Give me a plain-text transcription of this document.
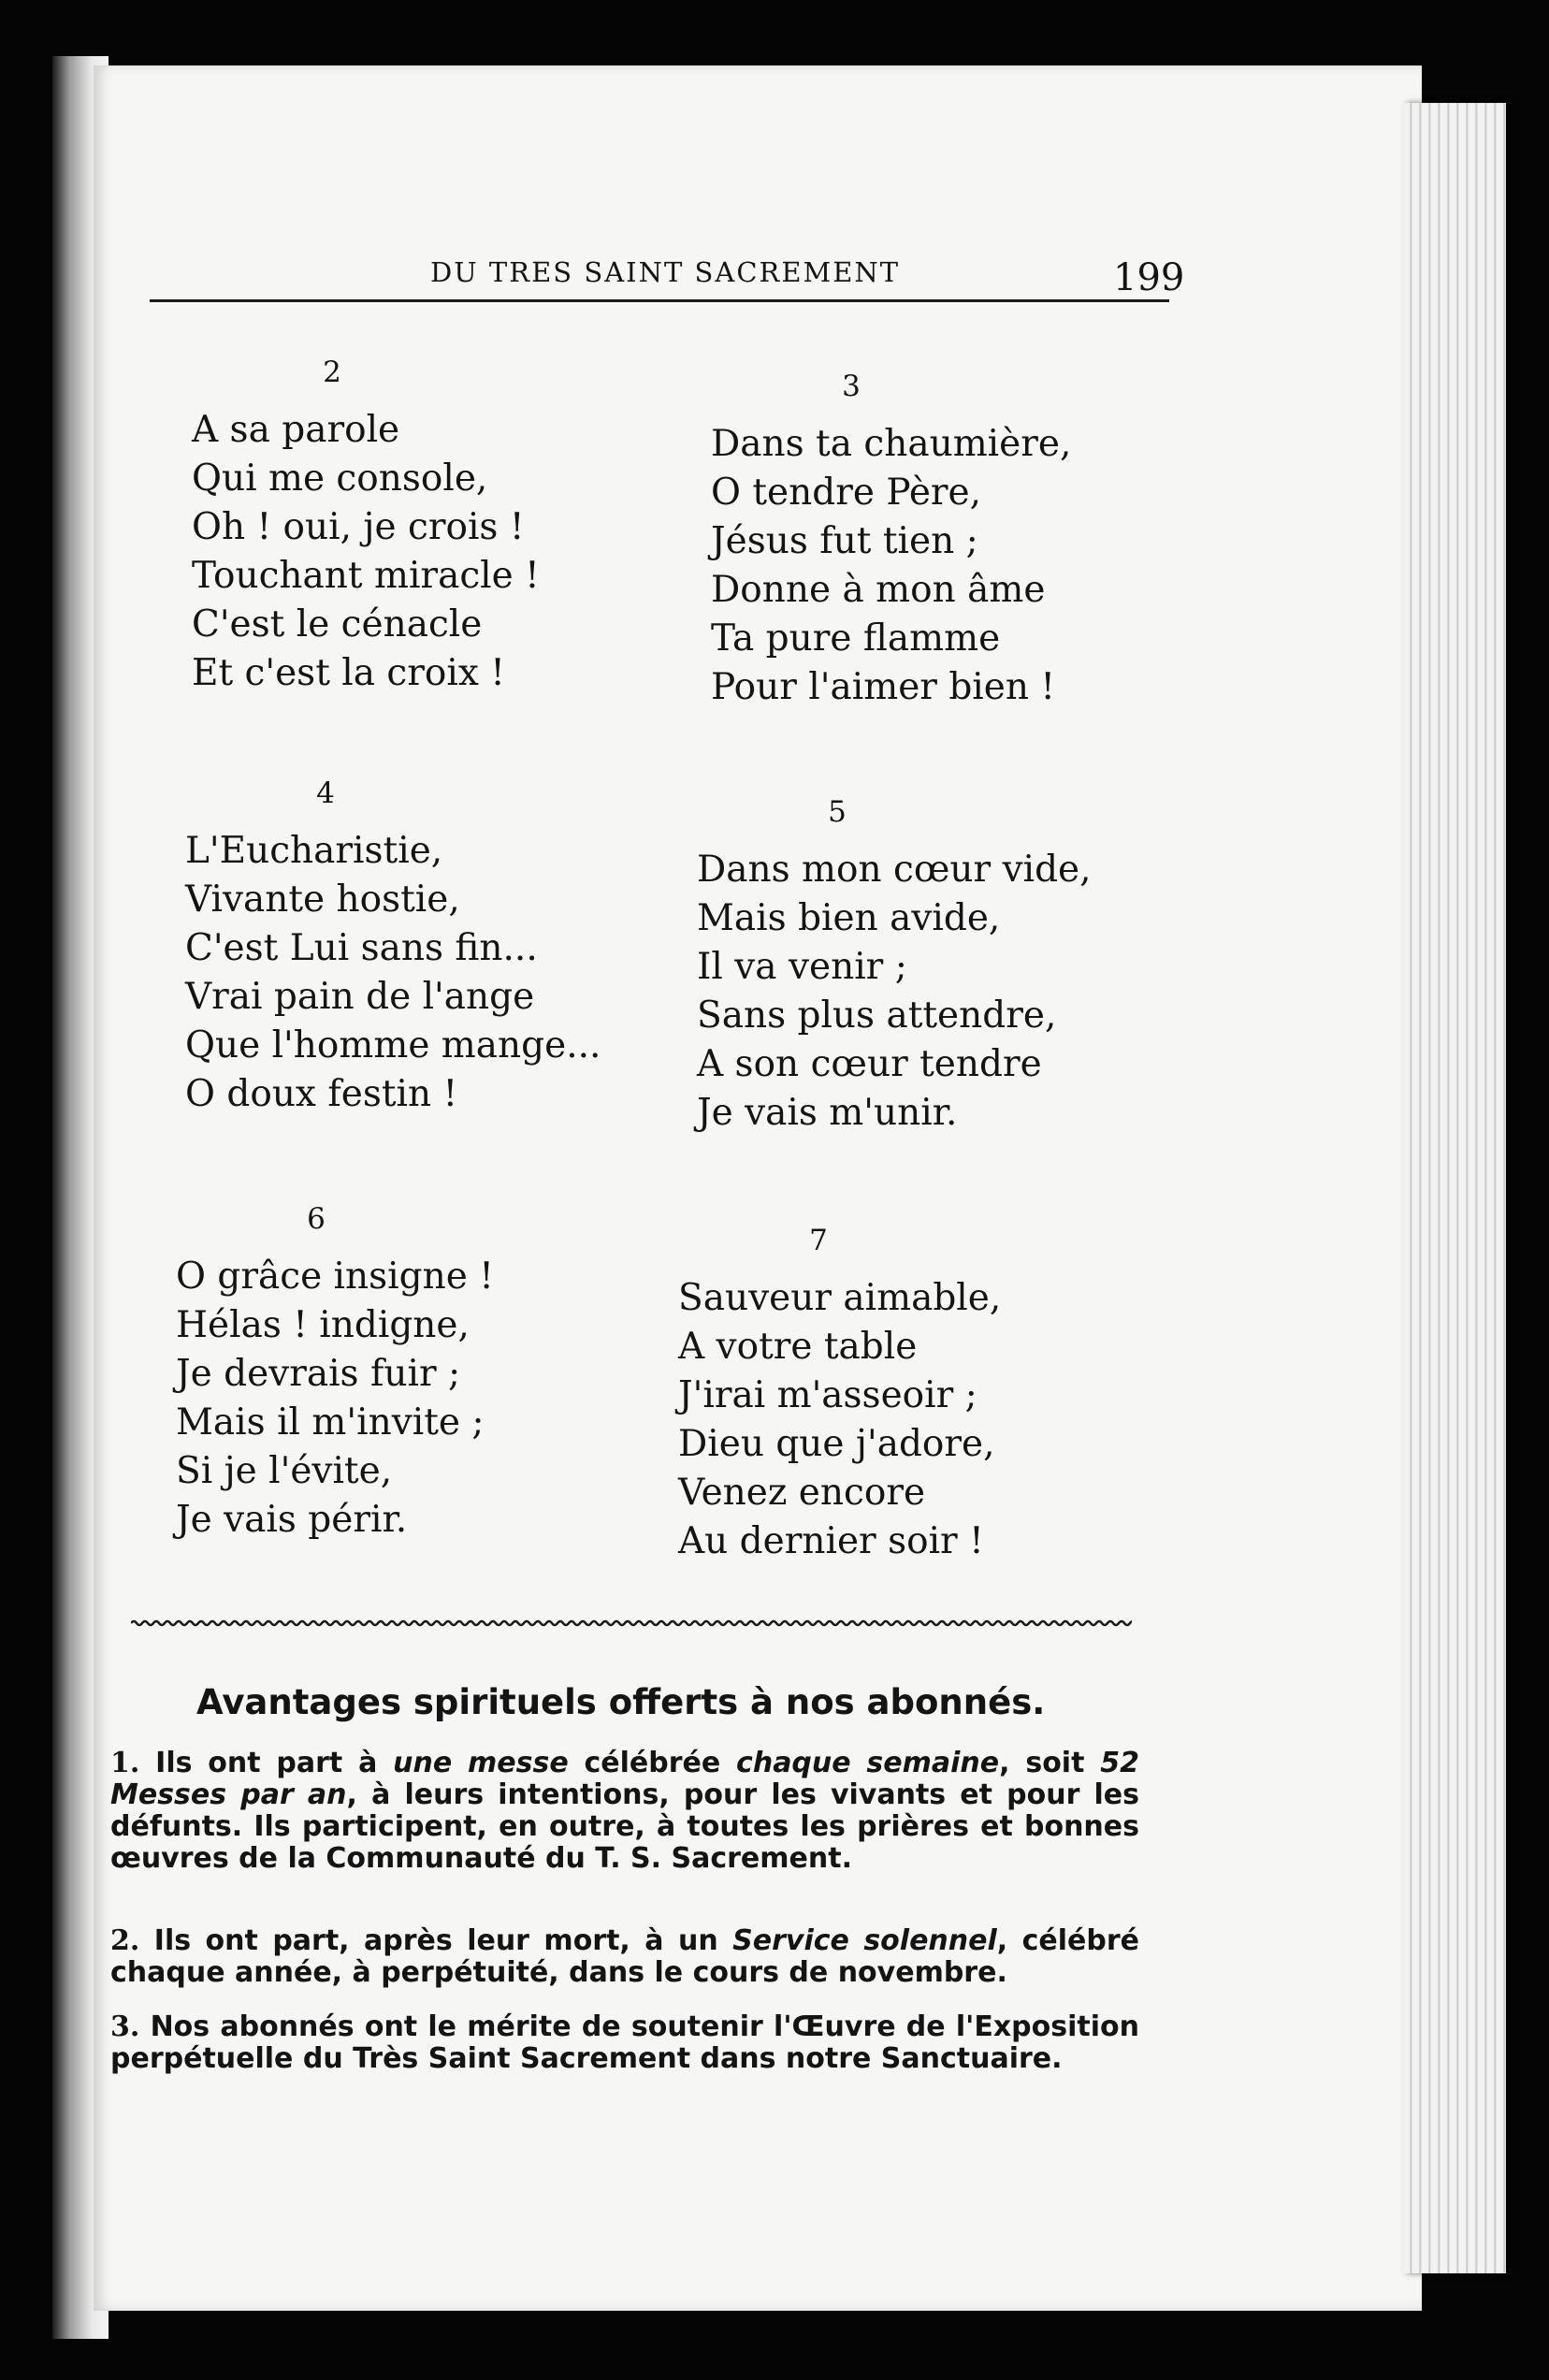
DU TRES SAINT SACREMENT	199
2
A sa parole
Qui me console,
Oh ! oui, je crois !
Touchant miracle !
C'est le cénacle
Et c'est la croix !
3
Dans ta chaumière,
O tendre Père,
Jésus fut tien ;
Donne à mon âme
Ta pure flamme
Pour l'aimer bien !
4
L'Eucharistie,
Vivante hostie,
C'est Lui sans fin...
Vrai pain de l'ange
Que l'homme mange...
O doux festin !
5
Dans mon cœur vide,
Mais bien avide,
Il va venir ;
Sans plus attendre,
A son cœur tendre
Je vais m'unir.
6
O grâce insigne !
Hélas ! indigne,
Je devrais fuir ;
Mais il m'invite ;
Si je l'évite,
Je vais périr.
7
Sauveur aimable,
A votre table
J'irai m'asseoir ;
Dieu que j'adore,
Venez encore
Au dernier soir !
Avantages spirituels offerts à nos abonnés.
1. Ils ont part à une messe célébrée chaque semaine, soit 52 Messes par an, à leurs intentions, pour les vivants et pour les défunts. Ils participent, en outre, à toutes les prières et bonnes œuvres de la Communauté du T. S. Sacrement.
2. Ils ont part, après leur mort, à un Service solennel, célébré chaque année, à perpétuité, dans le cours de novembre.
3. Nos abonnés ont le mérite de soutenir l'Œuvre de l'Exposition perpétuelle du Très Saint Sacrement dans notre Sanctuaire.
